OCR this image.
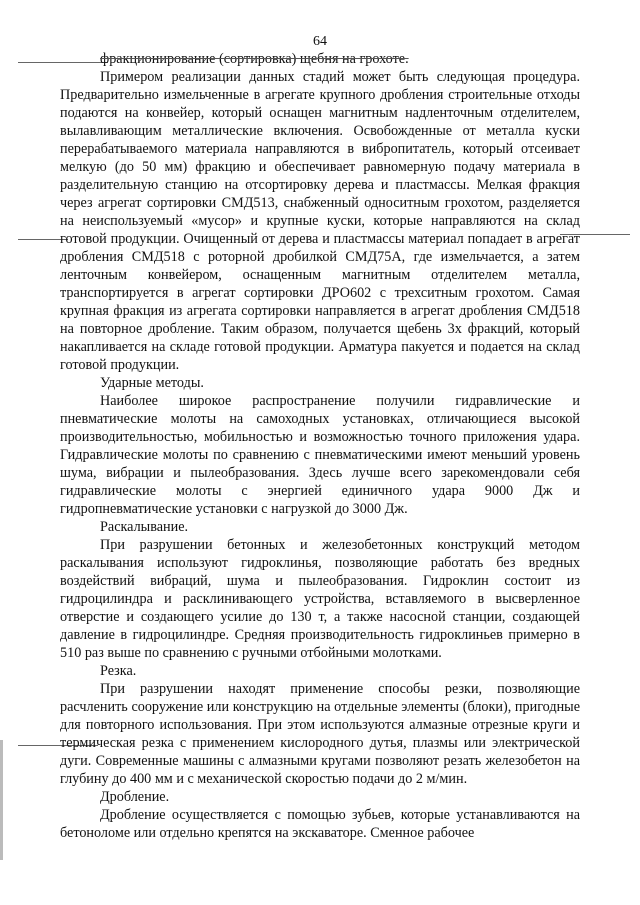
64

фракционирование (сортировка) щебня на грохоте.

Примером реализации данных стадий может быть следующая процедура. Предварительно измельченные в агрегате крупного дробления строительные отходы подаются на конвейер, который оснащен магнитным надленточным отделителем, вылавливающим металлические включения. Освобожденные от металла куски перерабатываемого материала направляются в вибропитатель, который отсеивает мелкую (до 50 мм) фракцию и обеспечивает равномерную подачу материала в разделительную станцию на отсортировку дерева и пластмассы. Мелкая фракция через агрегат сортировки СМД513, снабженный односитным грохотом, разделяется на неиспользуемый «мусор» и крупные куски, которые направляются на склад готовой продукции. Очищенный от дерева и пластмассы материал попадает в агрегат дробления СМД518 с роторной дробилкой СМД75А, где измельчается, а затем ленточным конвейером, оснащенным магнитным отделителем металла, транспортируется в агрегат сортировки ДРО602 с трехситным грохотом. Самая крупная фракция из агрегата сортировки направляется в агрегат дробления СМД518 на повторное дробление. Таким образом, получается щебень 3х фракций, который накапливается на складе готовой продукции. Арматура пакуется и подается на склад готовой продукции.

Ударные методы.

Наиболее широкое распространение получили гидравлические и пневматические молоты на самоходных установках, отличающиеся высокой производительностью, мобильностью и возможностью точного приложения удара. Гидравлические молоты по сравнению с пневматическими имеют меньший уровень шума, вибрации и пылеобразования. Здесь лучше всего зарекомендовали себя гидравлические молоты с энергией единичного удара 9000 Дж и гидропневматические установки с нагрузкой до 3000 Дж.

Раскалывание.

При разрушении бетонных и железобетонных конструкций методом раскалывания используют гидроклинья, позволяющие работать без вредных воздействий вибраций, шума и пылеобразования. Гидроклин состоит из гидроцилиндра и расклинивающего устройства, вставляемого в высверленное отверстие и создающего усилие до 130 т, а также насосной станции, создающей давление в гидроцилиндре. Средняя производительность гидроклиньев примерно в 510 раз выше по сравнению с ручными отбойными молотками.

Резка.

При разрушении находят применение способы резки, позволяющие расчленить сооружение или конструкцию на отдельные элементы (блоки), пригодные для повторного использования. При этом используются алмазные отрезные круги и термическая резка с применением кислородного дутья, плазмы или электрической дуги. Современные машины с алмазными кругами позволяют резать железобетон на глубину до 400 мм и с механической скоростью подачи до 2 м/мин.

Дробление.

Дробление осуществляется с помощью зубьев, которые устанавливаются на бетоноломе или отдельно крепятся на экскаваторе. Сменное рабочее
